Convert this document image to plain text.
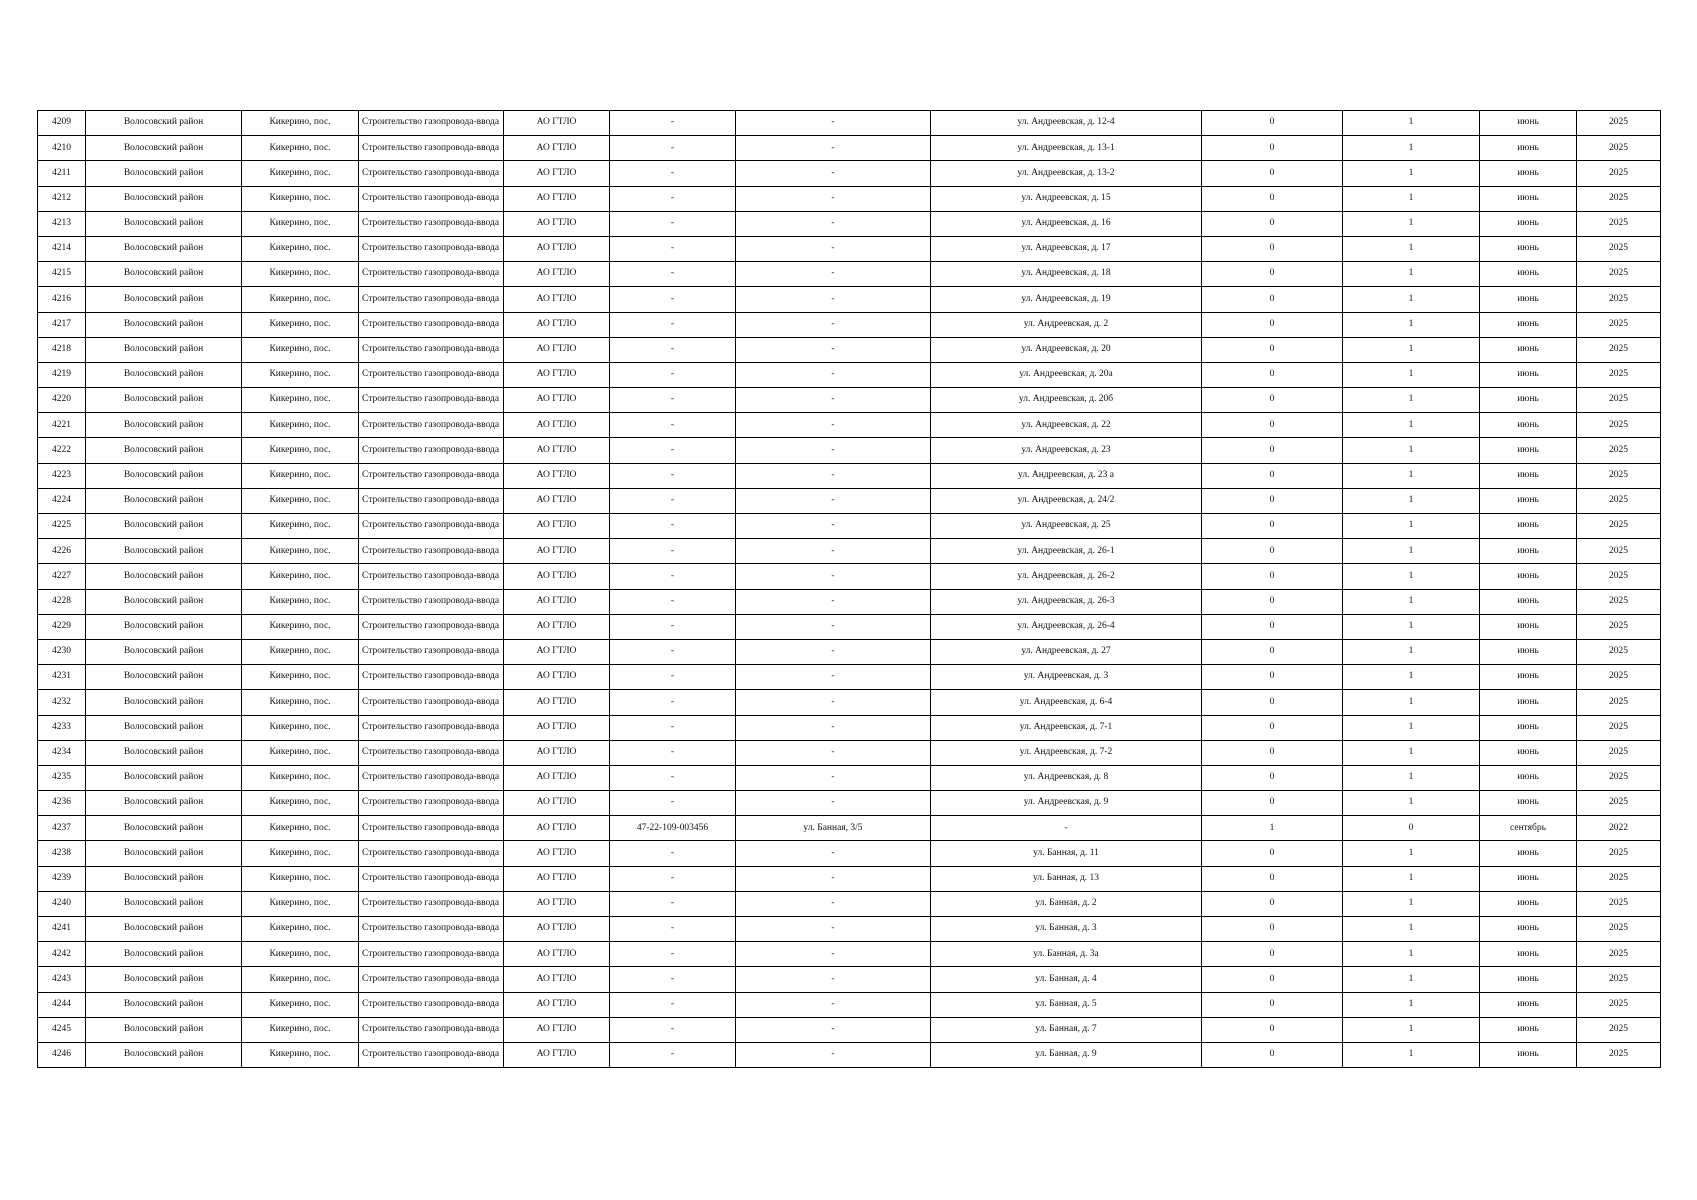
4209	Волосовский район	Кикерино, пос.	Строительство газопровода-ввода	АО ГТЛО	-	-	ул. Андреевская, д. 12-4	0	1	июнь	2025
4210	Волосовский район	Кикерино, пос.	Строительство газопровода-ввода	АО ГТЛО	-	-	ул. Андреевская, д. 13-1	0	1	июнь	2025
4211	Волосовский район	Кикерино, пос.	Строительство газопровода-ввода	АО ГТЛО	-	-	ул. Андреевская, д. 13-2	0	1	июнь	2025
4212	Волосовский район	Кикерино, пос.	Строительство газопровода-ввода	АО ГТЛО	-	-	ул. Андреевская, д. 15	0	1	июнь	2025
4213	Волосовский район	Кикерино, пос.	Строительство газопровода-ввода	АО ГТЛО	-	-	ул. Андреевская, д. 16	0	1	июнь	2025
4214	Волосовский район	Кикерино, пос.	Строительство газопровода-ввода	АО ГТЛО	-	-	ул. Андреевская, д. 17	0	1	июнь	2025
4215	Волосовский район	Кикерино, пос.	Строительство газопровода-ввода	АО ГТЛО	-	-	ул. Андреевская, д. 18	0	1	июнь	2025
4216	Волосовский район	Кикерино, пос.	Строительство газопровода-ввода	АО ГТЛО	-	-	ул. Андреевская, д. 19	0	1	июнь	2025
4217	Волосовский район	Кикерино, пос.	Строительство газопровода-ввода	АО ГТЛО	-	-	ул. Андреевская, д. 2	0	1	июнь	2025
4218	Волосовский район	Кикерино, пос.	Строительство газопровода-ввода	АО ГТЛО	-	-	ул. Андреевская, д. 20	0	1	июнь	2025
4219	Волосовский район	Кикерино, пос.	Строительство газопровода-ввода	АО ГТЛО	-	-	ул. Андреевская, д. 20а	0	1	июнь	2025
4220	Волосовский район	Кикерино, пос.	Строительство газопровода-ввода	АО ГТЛО	-	-	ул. Андреевская, д. 20б	0	1	июнь	2025
4221	Волосовский район	Кикерино, пос.	Строительство газопровода-ввода	АО ГТЛО	-	-	ул. Андреевская, д. 22	0	1	июнь	2025
4222	Волосовский район	Кикерино, пос.	Строительство газопровода-ввода	АО ГТЛО	-	-	ул. Андреевская, д. 23	0	1	июнь	2025
4223	Волосовский район	Кикерино, пос.	Строительство газопровода-ввода	АО ГТЛО	-	-	ул. Андреевская, д. 23 а	0	1	июнь	2025
4224	Волосовский район	Кикерино, пос.	Строительство газопровода-ввода	АО ГТЛО	-	-	ул. Андреевская, д. 24/2	0	1	июнь	2025
4225	Волосовский район	Кикерино, пос.	Строительство газопровода-ввода	АО ГТЛО	-	-	ул. Андреевская, д. 25	0	1	июнь	2025
4226	Волосовский район	Кикерино, пос.	Строительство газопровода-ввода	АО ГТЛО	-	-	ул. Андреевская, д. 26-1	0	1	июнь	2025
4227	Волосовский район	Кикерино, пос.	Строительство газопровода-ввода	АО ГТЛО	-	-	ул. Андреевская, д. 26-2	0	1	июнь	2025
4228	Волосовский район	Кикерино, пос.	Строительство газопровода-ввода	АО ГТЛО	-	-	ул. Андреевская, д. 26-3	0	1	июнь	2025
4229	Волосовский район	Кикерино, пос.	Строительство газопровода-ввода	АО ГТЛО	-	-	ул. Андреевская, д. 26-4	0	1	июнь	2025
4230	Волосовский район	Кикерино, пос.	Строительство газопровода-ввода	АО ГТЛО	-	-	ул. Андреевская, д. 27	0	1	июнь	2025
4231	Волосовский район	Кикерино, пос.	Строительство газопровода-ввода	АО ГТЛО	-	-	ул. Андреевская, д. 3	0	1	июнь	2025
4232	Волосовский район	Кикерино, пос.	Строительство газопровода-ввода	АО ГТЛО	-	-	ул. Андреевская, д. 6-4	0	1	июнь	2025
4233	Волосовский район	Кикерино, пос.	Строительство газопровода-ввода	АО ГТЛО	-	-	ул. Андреевская, д. 7-1	0	1	июнь	2025
4234	Волосовский район	Кикерино, пос.	Строительство газопровода-ввода	АО ГТЛО	-	-	ул. Андреевская, д. 7-2	0	1	июнь	2025
4235	Волосовский район	Кикерино, пос.	Строительство газопровода-ввода	АО ГТЛО	-	-	ул. Андреевская, д. 8	0	1	июнь	2025
4236	Волосовский район	Кикерино, пос.	Строительство газопровода-ввода	АО ГТЛО	-	-	ул. Андреевская, д. 9	0	1	июнь	2025
4237	Волосовский район	Кикерино, пос.	Строительство газопровода-ввода	АО ГТЛО	47-22-109-003456	ул. Банная, 3/5	-	1	0	сентябрь	2022
4238	Волосовский район	Кикерино, пос.	Строительство газопровода-ввода	АО ГТЛО	-	-	ул. Банная, д. 11	0	1	июнь	2025
4239	Волосовский район	Кикерино, пос.	Строительство газопровода-ввода	АО ГТЛО	-	-	ул. Банная, д. 13	0	1	июнь	2025
4240	Волосовский район	Кикерино, пос.	Строительство газопровода-ввода	АО ГТЛО	-	-	ул. Банная, д. 2	0	1	июнь	2025
4241	Волосовский район	Кикерино, пос.	Строительство газопровода-ввода	АО ГТЛО	-	-	ул. Банная, д. 3	0	1	июнь	2025
4242	Волосовский район	Кикерино, пос.	Строительство газопровода-ввода	АО ГТЛО	-	-	ул. Банная, д. 3а	0	1	июнь	2025
4243	Волосовский район	Кикерино, пос.	Строительство газопровода-ввода	АО ГТЛО	-	-	ул. Банная, д. 4	0	1	июнь	2025
4244	Волосовский район	Кикерино, пос.	Строительство газопровода-ввода	АО ГТЛО	-	-	ул. Банная, д. 5	0	1	июнь	2025
4245	Волосовский район	Кикерино, пос.	Строительство газопровода-ввода	АО ГТЛО	-	-	ул. Банная, д. 7	0	1	июнь	2025
4246	Волосовский район	Кикерино, пос.	Строительство газопровода-ввода	АО ГТЛО	-	-	ул. Банная, д. 9	0	1	июнь	2025
